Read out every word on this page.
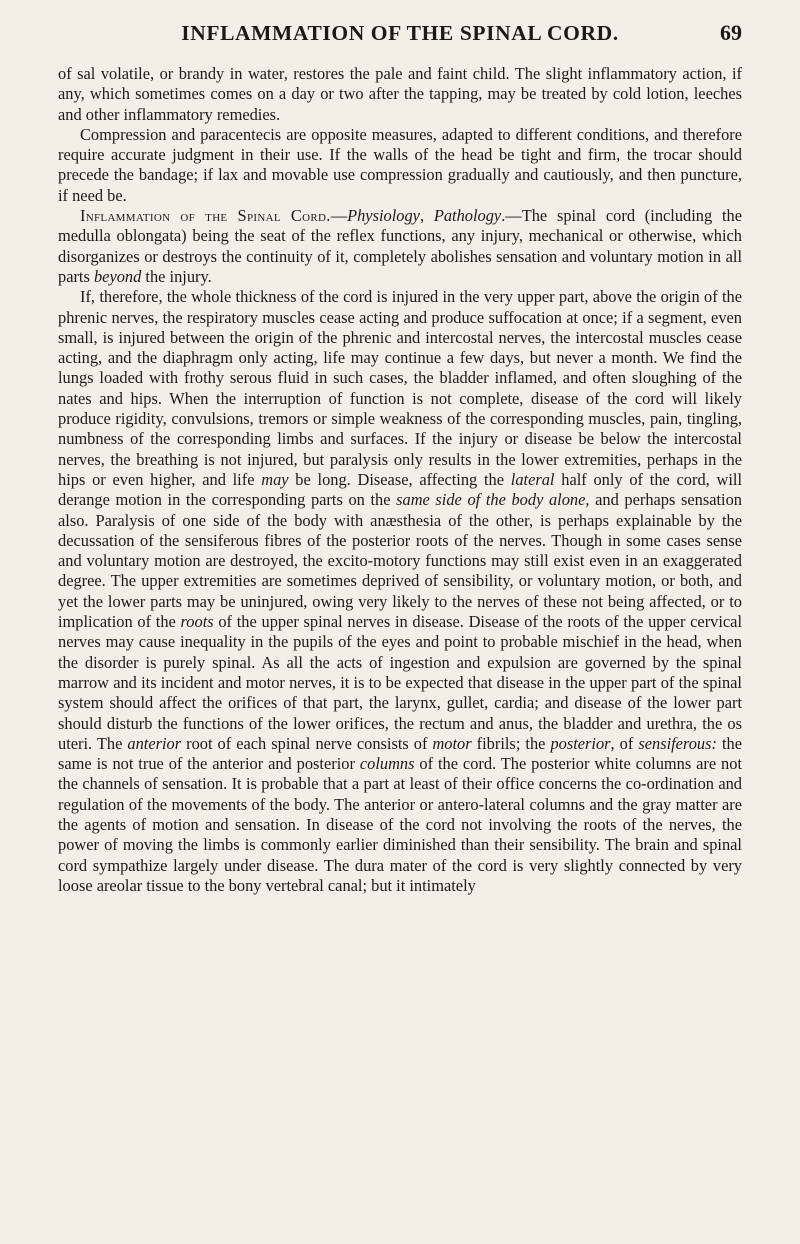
INFLAMMATION OF THE SPINAL CORD.	69

of sal volatile, or brandy in water, restores the pale and faint child. The slight inflammatory action, if any, which sometimes comes on a day or two after the tapping, may be treated by cold lotion, leeches and other inflammatory remedies.

Compression and paracentecis are opposite measures, adapted to different conditions, and therefore require accurate judgment in their use. If the walls of the head be tight and firm, the trocar should precede the bandage; if lax and movable use compression gradually and cautiously, and then puncture, if need be.

Inflammation of the Spinal Cord.—Physiology, Pathology.—The spinal cord (including the medulla oblongata) being the seat of the reflex functions, any injury, mechanical or otherwise, which disorganizes or destroys the continuity of it, completely abolishes sensation and voluntary motion in all parts beyond the injury.

If, therefore, the whole thickness of the cord is injured in the very upper part, above the origin of the phrenic nerves, the respiratory muscles cease acting and produce suffocation at once; if a segment, even small, is injured between the origin of the phrenic and intercostal nerves, the intercostal muscles cease acting, and the diaphragm only acting, life may continue a few days, but never a month. We find the lungs loaded with frothy serous fluid in such cases, the bladder inflamed, and often sloughing of the nates and hips. When the interruption of function is not complete, disease of the cord will likely produce rigidity, convulsions, tremors or simple weakness of the corresponding muscles, pain, tingling, numbness of the corresponding limbs and surfaces. If the injury or disease be below the intercostal nerves, the breathing is not injured, but paralysis only results in the lower extremities, perhaps in the hips or even higher, and life may be long. Disease, affecting the lateral half only of the cord, will derange motion in the corresponding parts on the same side of the body alone, and perhaps sensation also. Paralysis of one side of the body with anæsthesia of the other, is perhaps explainable by the decussation of the sensiferous fibres of the posterior roots of the nerves. Though in some cases sense and voluntary motion are destroyed, the excito-motory functions may still exist even in an exaggerated degree. The upper extremities are sometimes deprived of sensibility, or voluntary motion, or both, and yet the lower parts may be uninjured, owing very likely to the nerves of these not being affected, or to implication of the roots of the upper spinal nerves in disease. Disease of the roots of the upper cervical nerves may cause inequality in the pupils of the eyes and point to probable mischief in the head, when the disorder is purely spinal. As all the acts of ingestion and expulsion are governed by the spinal marrow and its incident and motor nerves, it is to be expected that disease in the upper part of the spinal system should affect the orifices of that part, the larynx, gullet, cardia; and disease of the lower part should disturb the functions of the lower orifices, the rectum and anus, the bladder and urethra, the os uteri. The anterior root of each spinal nerve consists of motor fibrils; the posterior, of sensiferous: the same is not true of the anterior and posterior columns of the cord. The posterior white columns are not the channels of sensation. It is probable that a part at least of their office concerns the co-ordination and regulation of the movements of the body. The anterior or antero-lateral columns and the gray matter are the agents of motion and sensation. In disease of the cord not involving the roots of the nerves, the power of moving the limbs is commonly earlier diminished than their sensibility. The brain and spinal cord sympathize largely under disease. The dura mater of the cord is very slightly connected by very loose areolar tissue to the bony vertebral canal; but it intimately
